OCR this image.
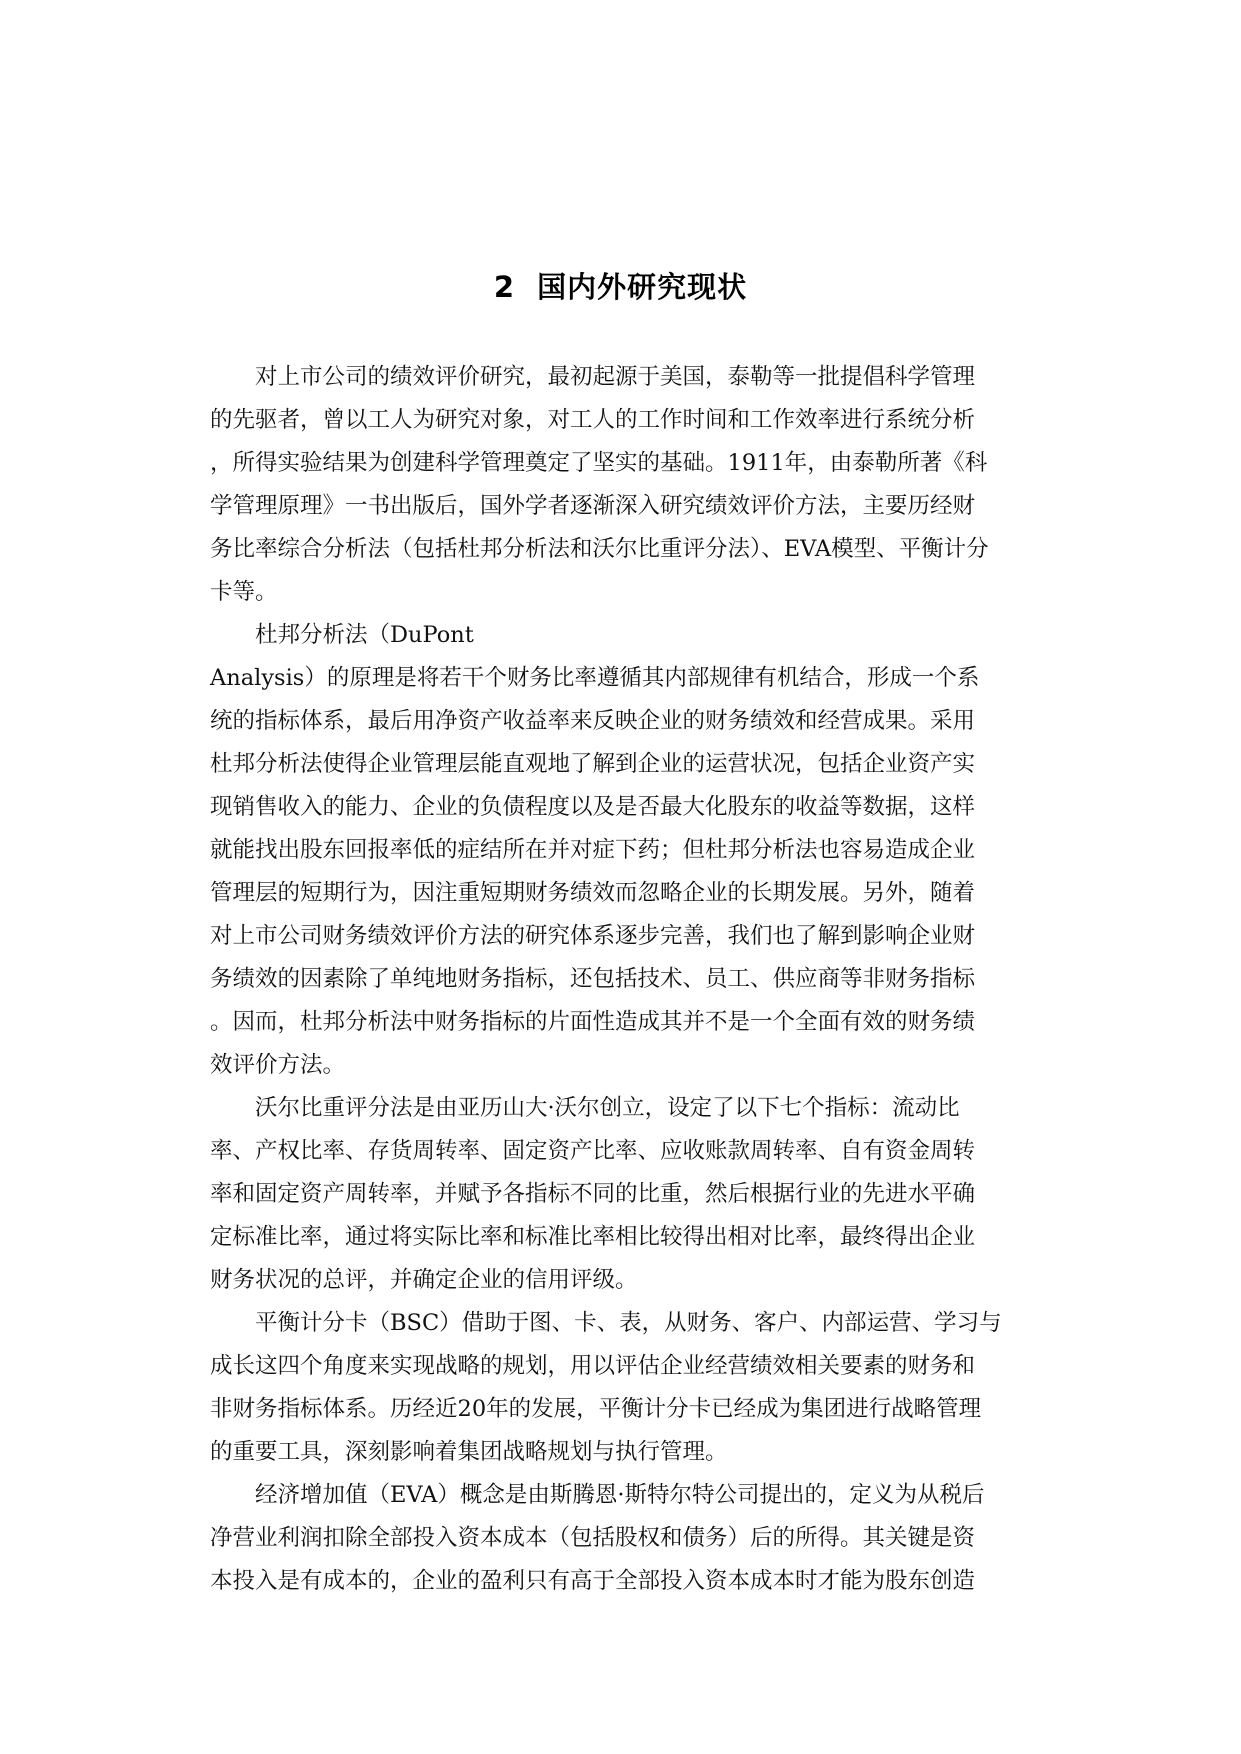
2 国内外研究现状

对上市公司的绩效评价研究，最初起源于美国，泰勒等一批提倡科学管理
的先驱者，曾以工人为研究对象，对工人的工作时间和工作效率进行系统分析
，所得实验结果为创建科学管理奠定了坚实的基础。1911年，由泰勒所著《科
学管理原理》一书出版后，国外学者逐渐深入研究绩效评价方法，主要历经财
务比率综合分析法（包括杜邦分析法和沃尔比重评分法）、EVA模型、平衡计分
卡等。

杜邦分析法（DuPont
Analysis）的原理是将若干个财务比率遵循其内部规律有机结合，形成一个系
统的指标体系，最后用净资产收益率来反映企业的财务绩效和经营成果。采用
杜邦分析法使得企业管理层能直观地了解到企业的运营状况，包括企业资产实
现销售收入的能力、企业的负债程度以及是否最大化股东的收益等数据，这样
就能找出股东回报率低的症结所在并对症下药；但杜邦分析法也容易造成企业
管理层的短期行为，因注重短期财务绩效而忽略企业的长期发展。另外，随着
对上市公司财务绩效评价方法的研究体系逐步完善，我们也了解到影响企业财
务绩效的因素除了单纯地财务指标，还包括技术、员工、供应商等非财务指标
。因而，杜邦分析法中财务指标的片面性造成其并不是一个全面有效的财务绩
效评价方法。

沃尔比重评分法是由亚历山大·沃尔创立，设定了以下七个指标：流动比
率、产权比率、存货周转率、固定资产比率、应收账款周转率、自有资金周转
率和固定资产周转率，并赋予各指标不同的比重，然后根据行业的先进水平确
定标准比率，通过将实际比率和标准比率相比较得出相对比率，最终得出企业
财务状况的总评，并确定企业的信用评级。

平衡计分卡（BSC）借助于图、卡、表，从财务、客户、内部运营、学习与
成长这四个角度来实现战略的规划，用以评估企业经营绩效相关要素的财务和
非财务指标体系。历经近20年的发展，平衡计分卡已经成为集团进行战略管理
的重要工具，深刻影响着集团战略规划与执行管理。

经济增加值（EVA）概念是由斯腾恩·斯特尔特公司提出的，定义为从税后
净营业利润扣除全部投入资本成本（包括股权和债务）后的所得。其关键是资
本投入是有成本的，企业的盈利只有高于全部投入资本成本时才能为股东创造
